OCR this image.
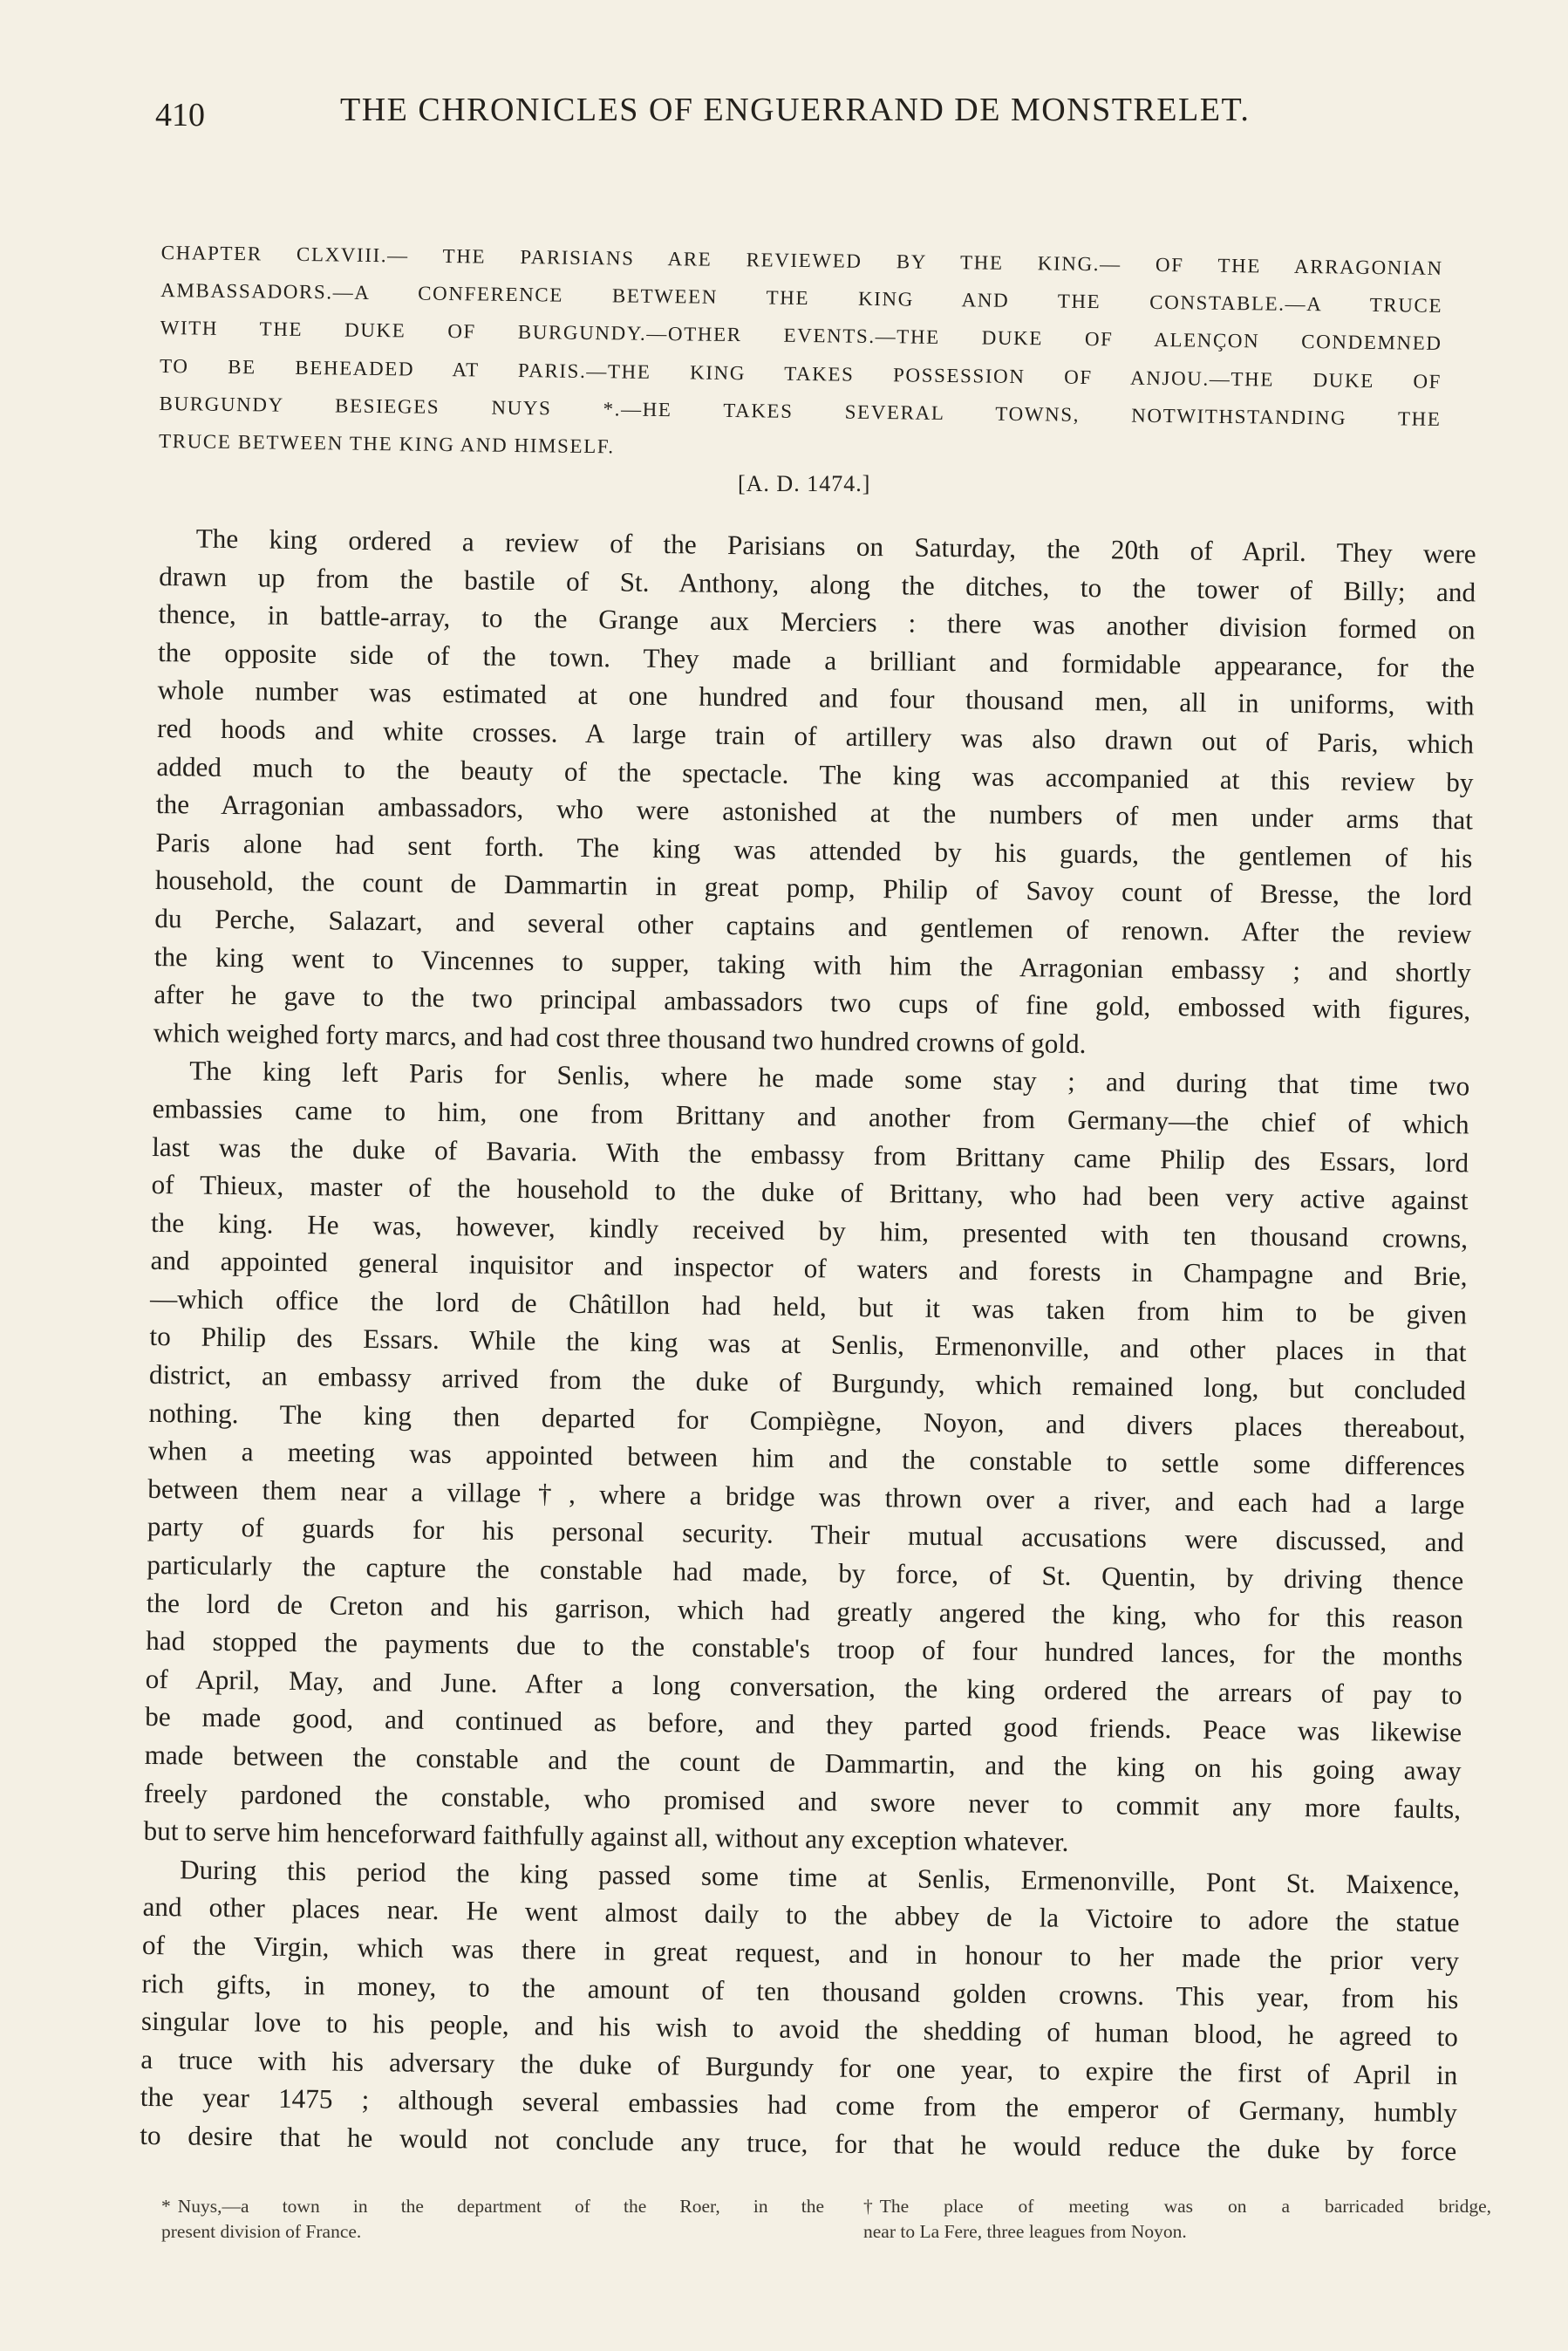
410	THE CHRONICLES OF ENGUERRAND DE MONSTRELET.
CHAPTER CLXVIII.— THE PARISIANS ARE REVIEWED BY THE KING.— OF THE ARRAGONIAN
AMBASSADORS.—A CONFERENCE BETWEEN THE KING AND THE CONSTABLE.—A TRUCE
WITH THE DUKE OF BURGUNDY.—OTHER EVENTS.—THE DUKE OF ALENÇON CONDEMNED
TO BE BEHEADED AT PARIS.—THE KING TAKES POSSESSION OF ANJOU.—THE DUKE OF
BURGUNDY BESIEGES NUYS *.—HE TAKES SEVERAL TOWNS, NOTWITHSTANDING THE
TRUCE BETWEEN THE KING AND HIMSELF.
[A. D. 1474.]
The king ordered a review of the Parisians on Saturday, the 20th of April. They were
drawn up from the bastile of St. Anthony, along the ditches, to the tower of Billy; and
thence, in battle-array, to the Grange aux Merciers : there was another division formed on
the opposite side of the town. They made a brilliant and formidable appearance, for the
whole number was estimated at one hundred and four thousand men, all in uniforms, with
red hoods and white crosses. A large train of artillery was also drawn out of Paris, which
added much to the beauty of the spectacle. The king was accompanied at this review by
the Arragonian ambassadors, who were astonished at the numbers of men under arms that
Paris alone had sent forth. The king was attended by his guards, the gentlemen of his
household, the count de Dammartin in great pomp, Philip of Savoy count of Bresse, the lord
du Perche, Salazart, and several other captains and gentlemen of renown. After the review
the king went to Vincennes to supper, taking with him the Arragonian embassy ; and shortly
after he gave to the two principal ambassadors two cups of fine gold, embossed with figures,
which weighed forty marcs, and had cost three thousand two hundred crowns of gold.
The king left Paris for Senlis, where he made some stay ; and during that time two
embassies came to him, one from Brittany and another from Germany—the chief of which
last was the duke of Bavaria. With the embassy from Brittany came Philip des Essars, lord
of Thieux, master of the household to the duke of Brittany, who had been very active against
the king. He was, however, kindly received by him, presented with ten thousand crowns,
and appointed general inquisitor and inspector of waters and forests in Champagne and Brie,
—which office the lord de Châtillon had held, but it was taken from him to be given
to Philip des Essars. While the king was at Senlis, Ermenonville, and other places in that
district, an embassy arrived from the duke of Burgundy, which remained long, but concluded
nothing. The king then departed for Compiègne, Noyon, and divers places thereabout,
when a meeting was appointed between him and the constable to settle some differences
between them near a village†, where a bridge was thrown over a river, and each had a large
party of guards for his personal security. Their mutual accusations were discussed, and
particularly the capture the constable had made, by force, of St. Quentin, by driving thence
the lord de Creton and his garrison, which had greatly angered the king, who for this reason
had stopped the payments due to the constable's troop of four hundred lances, for the months
of April, May, and June. After a long conversation, the king ordered the arrears of pay to
be made good, and continued as before, and they parted good friends. Peace was likewise
made between the constable and the count de Dammartin, and the king on his going away
freely pardoned the constable, who promised and swore never to commit any more faults,
but to serve him henceforward faithfully against all, without any exception whatever.
During this period the king passed some time at Senlis, Ermenonville, Pont St. Maixence,
and other places near. He went almost daily to the abbey de la Victoire to adore the statue
of the Virgin, which was there in great request, and in honour to her made the prior very
rich gifts, in money, to the amount of ten thousand golden crowns. This year, from his
singular love to his people, and his wish to avoid the shedding of human blood, he agreed to
a truce with his adversary the duke of Burgundy for one year, to expire the first of April in
the year 1475 ; although several embassies had come from the emperor of Germany, humbly
to desire that he would not conclude any truce, for that he would reduce the duke by force
* Nuys,—a town in the department of the Roer, in the
present division of France.
† The place of meeting was on a barricaded bridge,
near to La Fere, three leagues from Noyon.
